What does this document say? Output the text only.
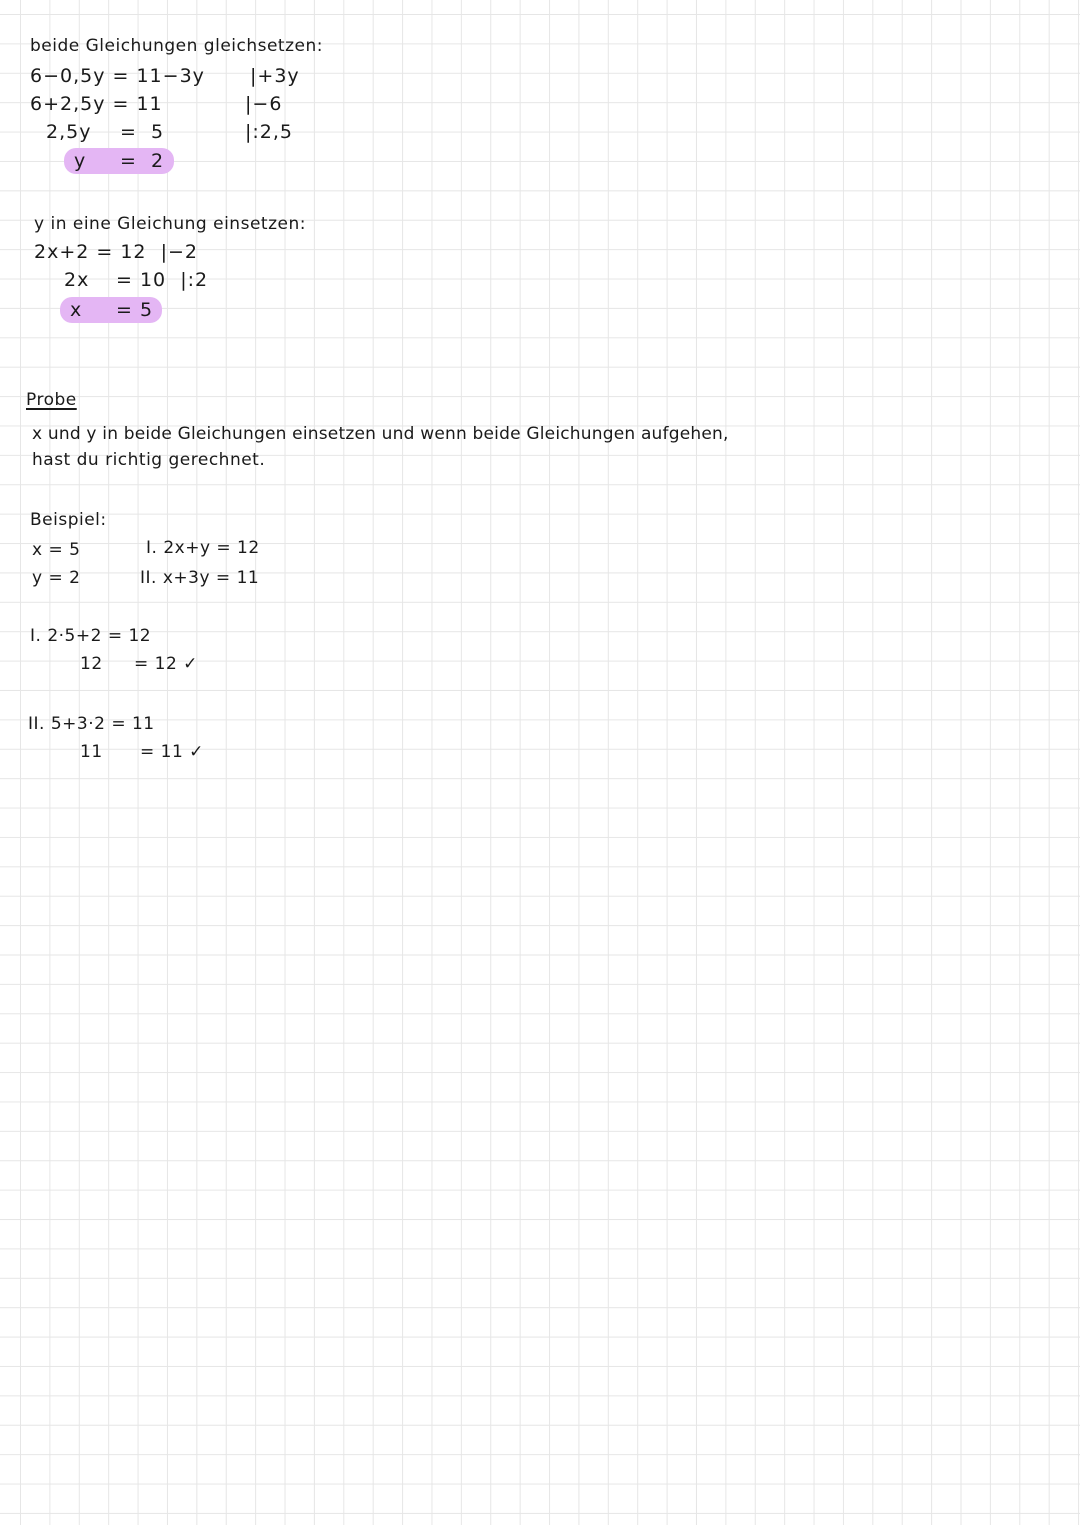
beide Gleichungen gleichsetzen:
6−0,5y = 11−3y |+3y
6+2,5y = 11	|−6
2,5y =  5	|:2,5
y =  2
y in eine Gleichung einsetzen:
2x+2 = 12  |−2
2x = 10  |:2
x = 5
Probe
x und y in beide Gleichungen einsetzen und wenn beide Gleichungen aufgehen,
hast du richtig gerechnet.
Beispiel:
x = 5	I. 2x+y = 12
y = 2	II. x+3y = 11
I. 2·5+2 = 12
12 = 12 ✓
II. 5+3·2 = 11
11 = 11 ✓
